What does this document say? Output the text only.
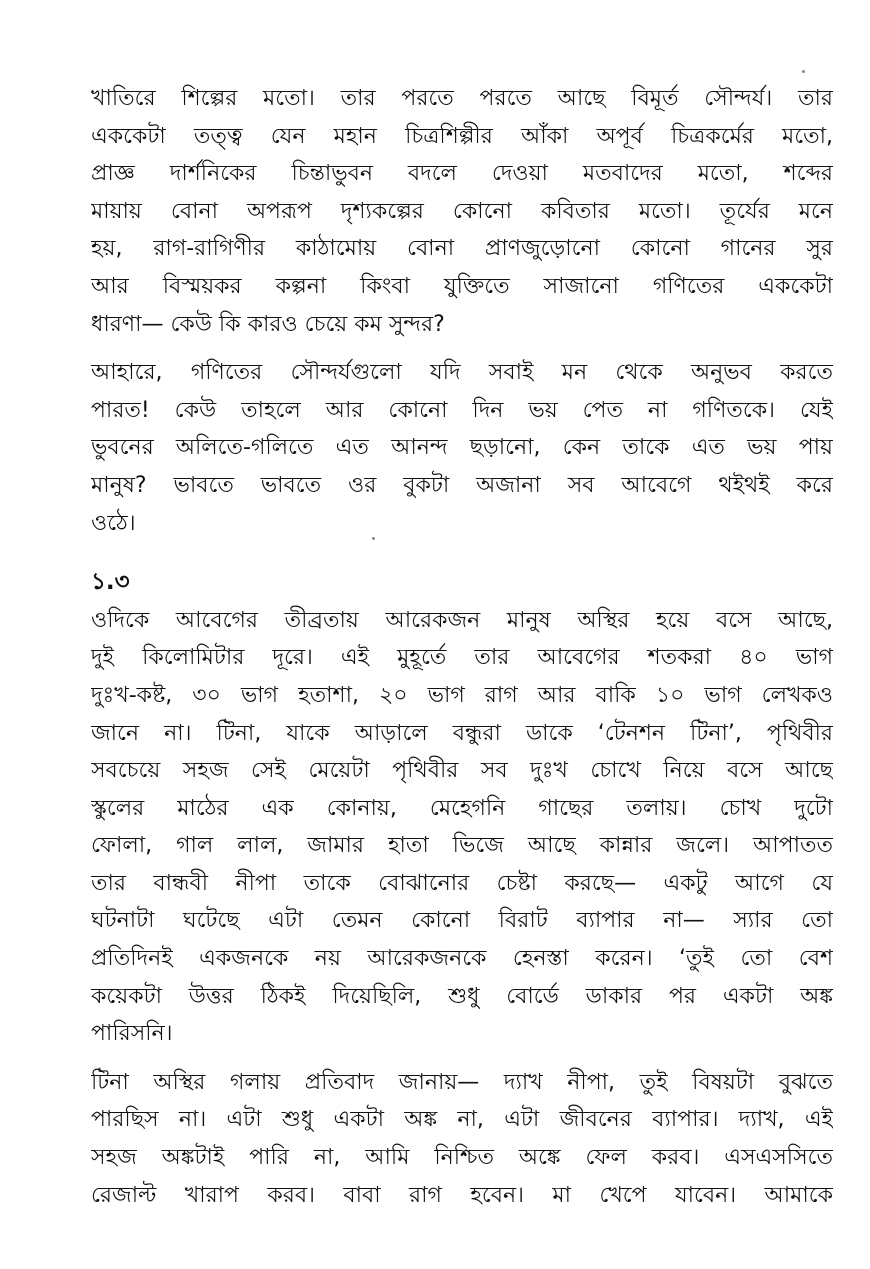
খাতিরে শিল্পের মতো। তার পরতে পরতে আছে বিমূর্ত সৌন্দর্য। তার
এককেটা তত্ত্ব যেন মহান চিত্রশিল্পীর আঁকা অপূর্ব চিত্রকর্মের মতো,
প্রাজ্ঞ দার্শনিকের চিন্তাভুবন বদলে দেওয়া মতবাদের মতো, শব্দের
মায়ায় বোনা অপরূপ দৃশ্যকল্পের কোনো কবিতার মতো। তূর্যের মনে
হয়, রাগ-রাগিণীর কাঠামোয় বোনা প্রাণজুড়োনো কোনো গানের সুর
আর বিস্ময়কর কল্পনা কিংবা যুক্তিতে সাজানো গণিতের এককেটা
ধারণা— কেউ কি কারও চেয়ে কম সুন্দর?
আহারে, গণিতের সৌন্দর্যগুলো যদি সবাই মন থেকে অনুভব করতে
পারত! কেউ তাহলে আর কোনো দিন ভয় পেত না গণিতকে। যেই
ভুবনের অলিতে-গলিতে এত আনন্দ ছড়ানো, কেন তাকে এত ভয় পায়
মানুষ? ভাবতে ভাবতে ওর বুকটা অজানা সব আবেগে থইথই করে
ওঠে।
১.৩
ওদিকে আবেগের তীব্রতায় আরেকজন মানুষ অস্থির হয়ে বসে আছে,
দুই কিলোমিটার দূরে। এই মুহূর্তে তার আবেগের শতকরা ৪০ ভাগ
দুঃখ-কষ্ট, ৩০ ভাগ হতাশা, ২০ ভাগ রাগ আর বাকি ১০ ভাগ লেখকও
জানে না। টিনা, যাকে আড়ালে বন্ধুরা ডাকে ‘টেনশন টিনা’, পৃথিবীর
সবচেয়ে সহজ সেই মেয়েটা পৃথিবীর সব দুঃখ চোখে নিয়ে বসে আছে
স্কুলের মাঠের এক কোনায়, মেহেগনি গাছের তলায়। চোখ দুটো
ফোলা, গাল লাল, জামার হাতা ভিজে আছে কান্নার জলে। আপাতত
তার বান্ধবী নীপা তাকে বোঝানোর চেষ্টা করছে— একটু আগে যে
ঘটনাটা ঘটেছে এটা তেমন কোনো বিরাট ব্যাপার না— স্যার তো
প্রতিদিনই একজনকে নয় আরেকজনকে হেনস্তা করেন। ‘তুই তো বেশ
কয়েকটা উত্তর ঠিকই দিয়েছিলি, শুধু বোর্ডে ডাকার পর একটা অঙ্ক
পারিসনি।
টিনা অস্থির গলায় প্রতিবাদ জানায়— দ্যাখ নীপা, তুই বিষয়টা বুঝতে
পারছিস না। এটা শুধু একটা অঙ্ক না, এটা জীবনের ব্যাপার। দ্যাখ, এই
সহজ অঙ্কটাই পারি না, আমি নিশ্চিত অঙ্কে ফেল করব। এসএসসিতে
রেজাল্ট খারাপ করব। বাবা রাগ হবেন। মা খেপে যাবেন। আমাকে
